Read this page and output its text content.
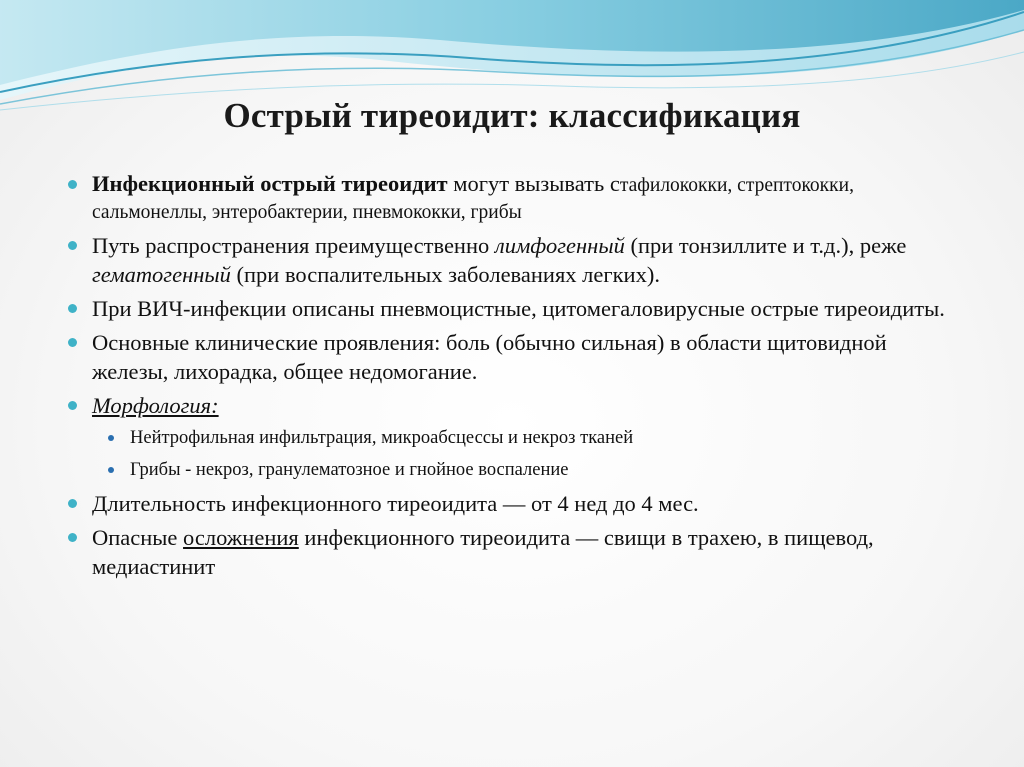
Острый тиреоидит: классификация
Инфекционный острый тиреоидит могут вызывать стафилококки, стрептококки, сальмонеллы, энтеробактерии, пневмококки, грибы
Путь распространения преимущественно лимфогенный (при тонзиллите и т.д.), реже гематогенный (при воспалительных заболеваниях легких).
При ВИЧ-инфекции описаны пневмоцистные, цитомегаловирусные острые тиреоидиты.
Основные клинические проявления: боль (обычно сильная) в области щитовидной железы, лихорадка, общее недомогание.
Морфология:
Нейтрофильная инфильтрация, микроабсцессы и некроз тканей
Грибы - некроз, гранулематозное и гнойное воспаление
Длительность инфекционного тиреоидита — от 4 нед до 4 мес.
Опасные осложнения инфекционного тиреоидита — свищи в трахею, в пищевод, медиастинит
